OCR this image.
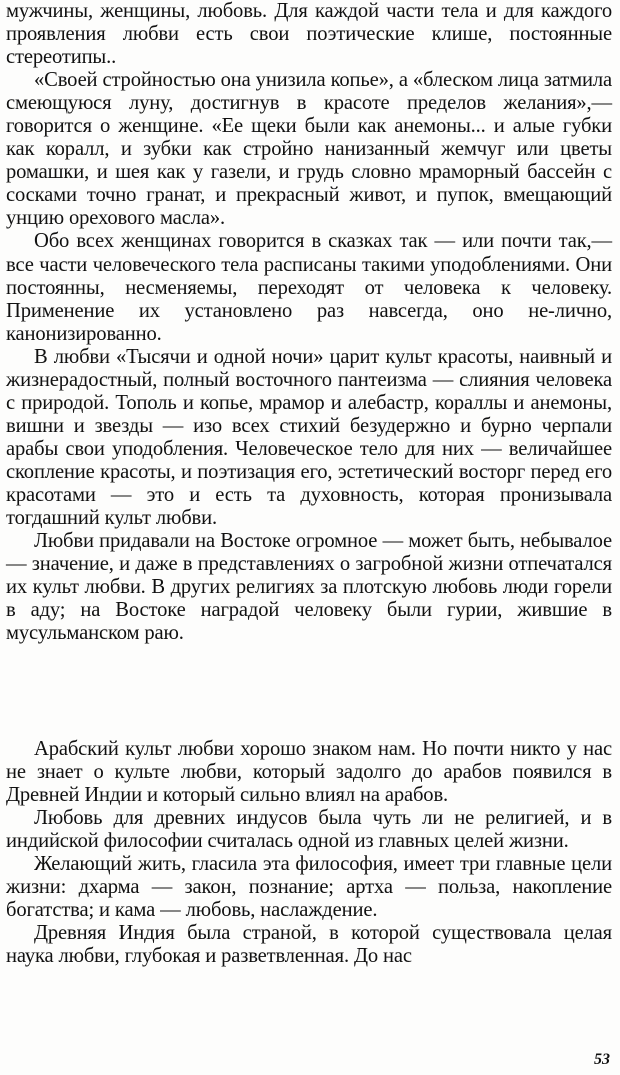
мужчины, женщины, любовь. Для каждой части тела и для каждого проявления любви есть свои поэтические клише, постоянные стереотипы..

«Своей стройностью она унизила копье», а «блеском лица затмила смеющуюся луну, достигнув в красоте пределов желания»,— говорится о женщине. «Ее щеки были как анемоны... и алые губки как коралл, и зубки как стройно нанизанный жемчуг или цветы ромашки, и шея как у газели, и грудь словно мраморный бассейн с сосками точно гранат, и прекрасный живот, и пупок, вмещающий унцию орехового масла».

Обо всех женщинах говорится в сказках так — или почти так,— все части человеческого тела расписаны такими уподоблениями. Они постоянны, несменяемы, переходят от человека к человеку. Применение их установлено раз навсегда, оно не-лично, канонизированно.

В любви «Тысячи и одной ночи» царит культ красоты, наивный и жизнерадостный, полный восточного пантеизма — слияния человека с природой. Тополь и копье, мрамор и алебастр, кораллы и анемоны, вишни и звезды — изо всех стихий безудержно и бурно черпали арабы свои уподобления. Человеческое тело для них — величайшее скопление красоты, и поэтизация его, эстетический восторг перед его красотами — это и есть та духовность, которая пронизывала тогдашний культ любви.

Любви придавали на Востоке огромное — может быть, небывалое — значение, и даже в представлениях о загробной жизни отпечатался их культ любви. В других религиях за плотскую любовь люди горели в аду; на Востоке наградой человеку были гурии, жившие в мусульманском раю.

Арабский культ любви хорошо знаком нам. Но почти никто у нас не знает о культе любви, который задолго до арабов появился в Древней Индии и который сильно влиял на арабов.

Любовь для древних индусов была чуть ли не религией, и в индийской философии считалась одной из главных целей жизни.

Желающий жить, гласила эта философия, имеет три главные цели жизни: дхарма — закон, познание; артха — польза, накопление богатства; и кама — любовь, наслаждение.

Древняя Индия была страной, в которой существовала целая наука любви, глубокая и разветвленная. До нас

53
